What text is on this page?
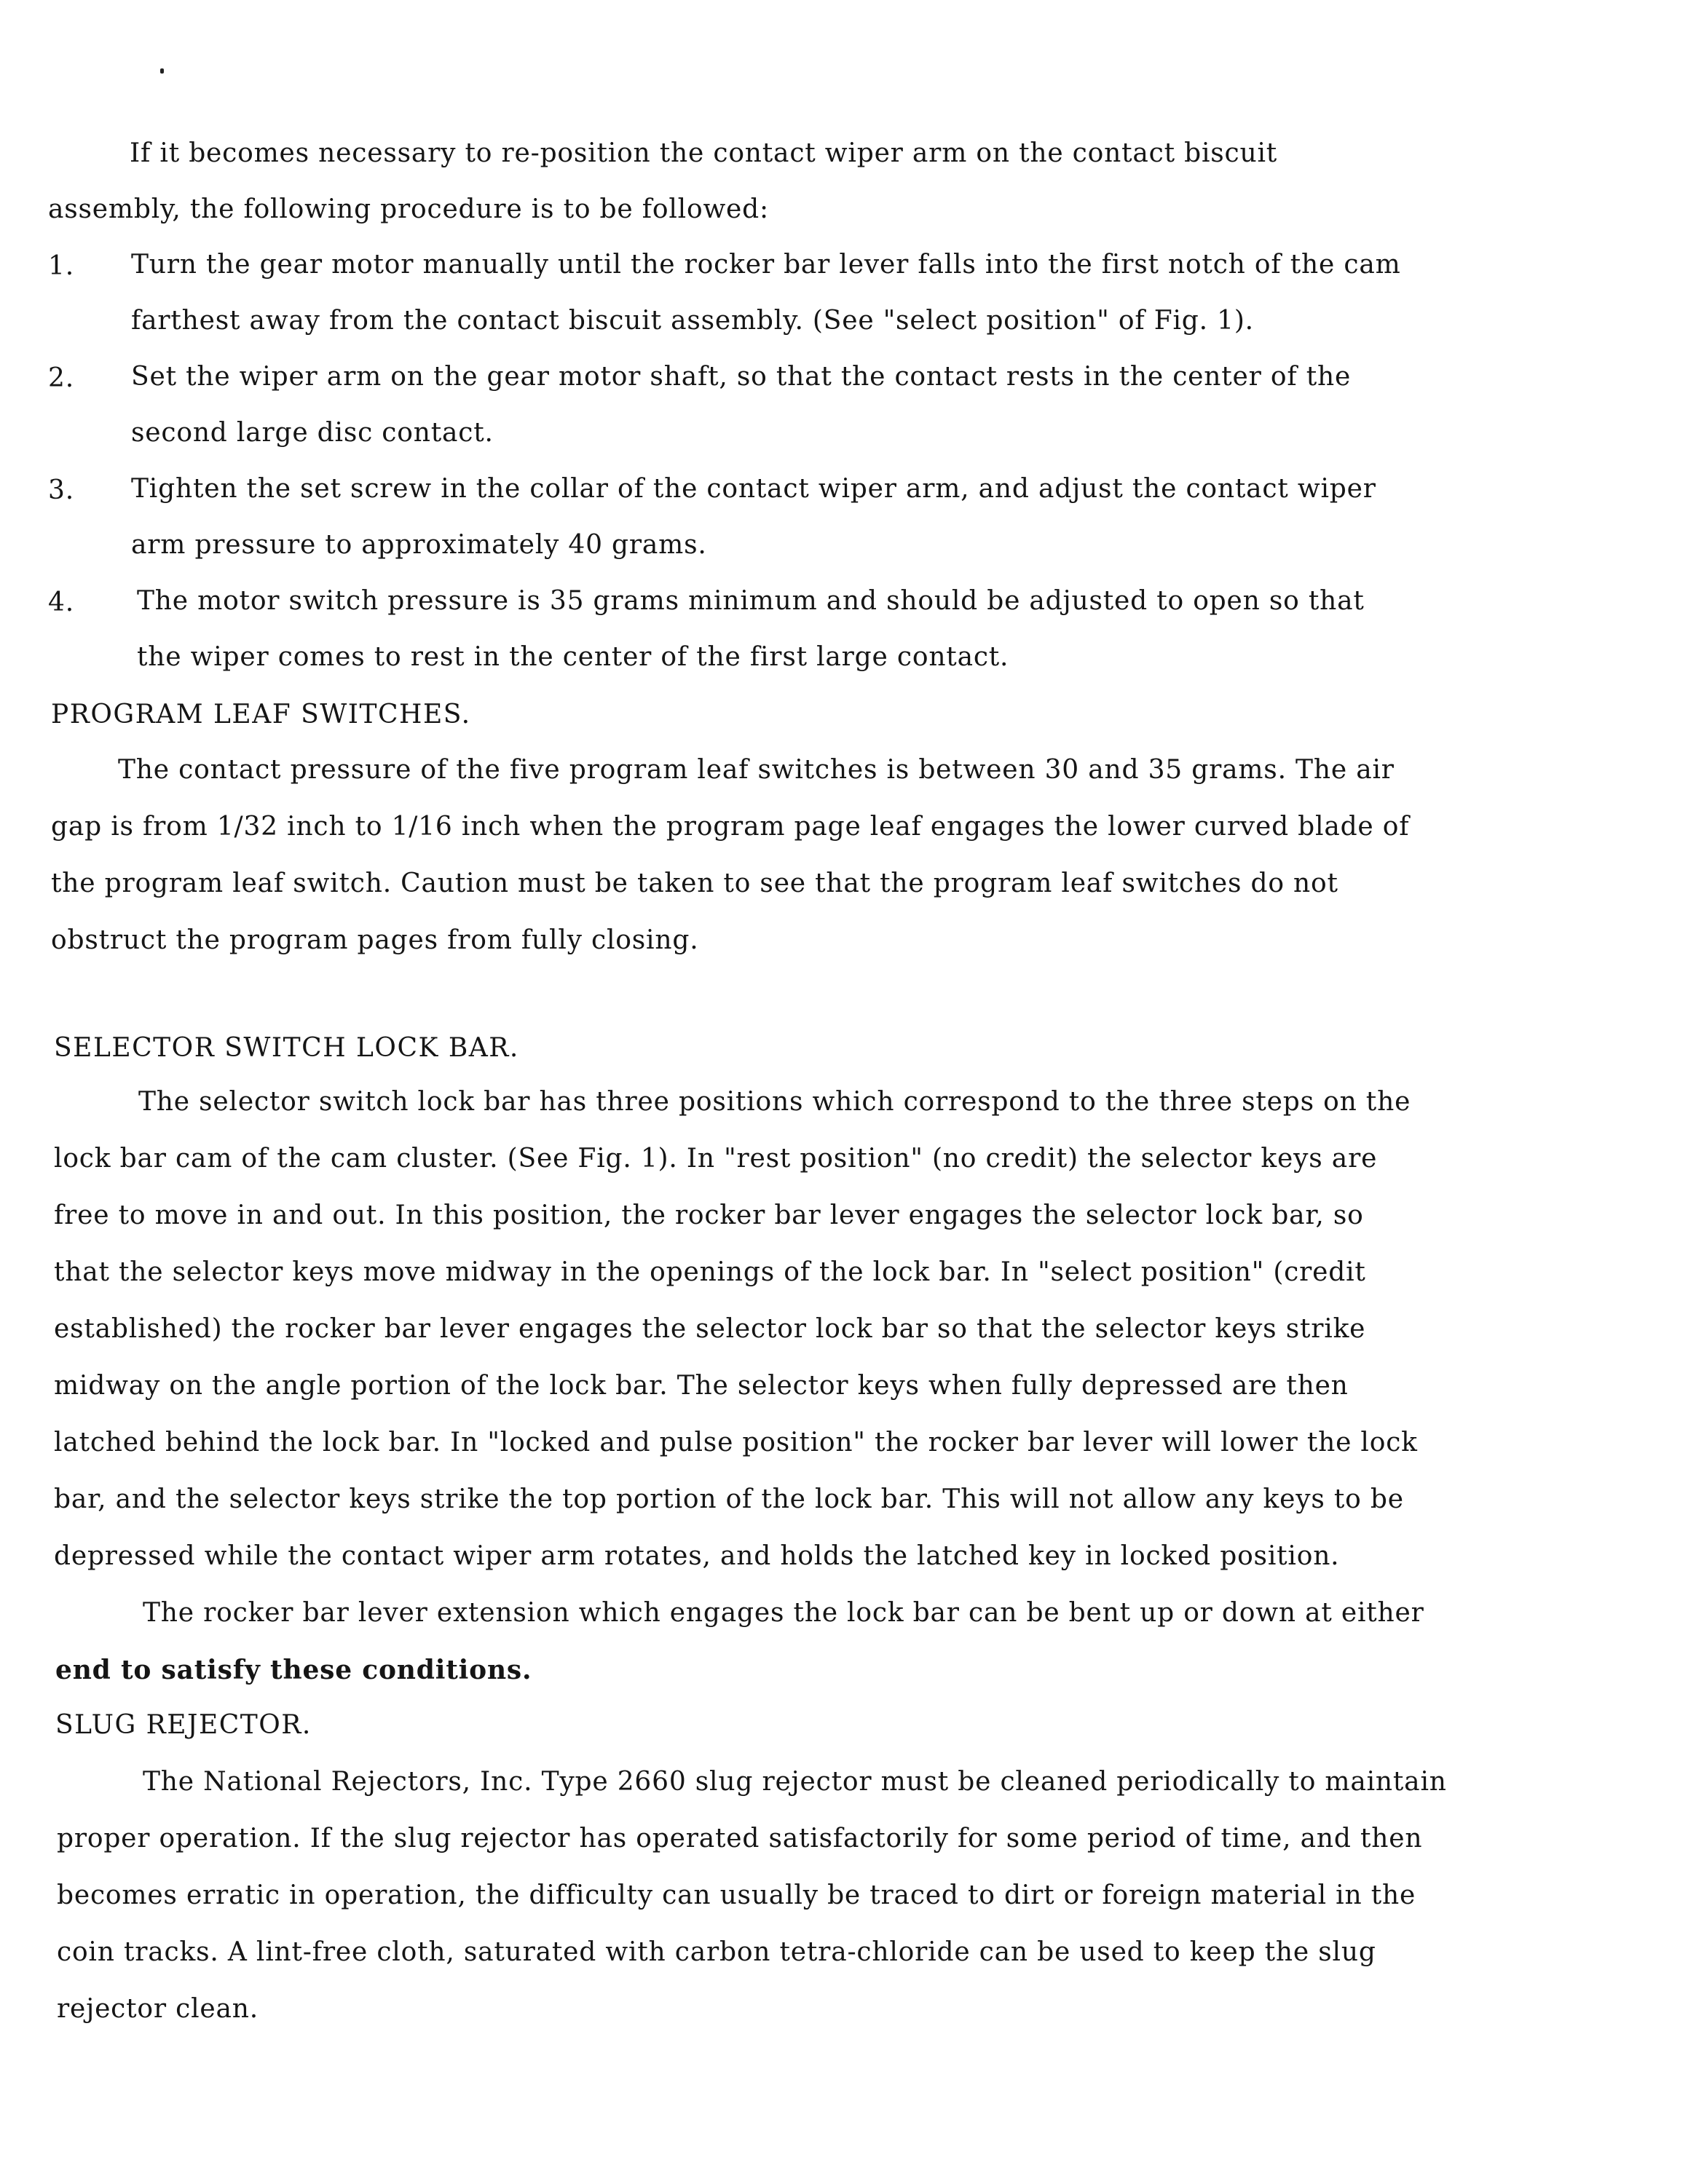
If it becomes necessary to re-position the contact wiper arm on the contact biscuit
assembly, the following procedure is to be followed:
1. Turn the gear motor manually until the rocker bar lever falls into the first notch of the cam
farthest away from the contact biscuit assembly. (See "select position" of Fig. 1).
2. Set the wiper arm on the gear motor shaft, so that the contact rests in the center of the
second large disc contact.
3. Tighten the set screw in the collar of the contact wiper arm, and adjust the contact wiper
arm pressure to approximately 40 grams.
4. The motor switch pressure is 35 grams minimum and should be adjusted to open so that
the wiper comes to rest in the center of the first large contact.
PROGRAM LEAF SWITCHES.
The contact pressure of the five program leaf switches is between 30 and 35 grams. The air
gap is from 1/32 inch to 1/16 inch when the program page leaf engages the lower curved blade of
the program leaf switch. Caution must be taken to see that the program leaf switches do not
obstruct the program pages from fully closing.
SELECTOR SWITCH LOCK BAR.
The selector switch lock bar has three positions which correspond to the three steps on the
lock bar cam of the cam cluster. (See Fig. 1). In "rest position" (no credit) the selector keys are
free to move in and out. In this position, the rocker bar lever engages the selector lock bar, so
that the selector keys move midway in the openings of the lock bar. In "select position" (credit
established) the rocker bar lever engages the selector lock bar so that the selector keys strike
midway on the angle portion of the lock bar. The selector keys when fully depressed are then
latched behind the lock bar. In "locked and pulse position" the rocker bar lever will lower the lock
bar, and the selector keys strike the top portion of the lock bar. This will not allow any keys to be
depressed while the contact wiper arm rotates, and holds the latched key in locked position.
The rocker bar lever extension which engages the lock bar can be bent up or down at either
end to satisfy these conditions.
SLUG REJECTOR.
The National Rejectors, Inc. Type 2660 slug rejector must be cleaned periodically to maintain
proper operation. If the slug rejector has operated satisfactorily for some period of time, and then
becomes erratic in operation, the difficulty can usually be traced to dirt or foreign material in the
coin tracks. A lint-free cloth, saturated with carbon tetra-chloride can be used to keep the slug
rejector clean.
